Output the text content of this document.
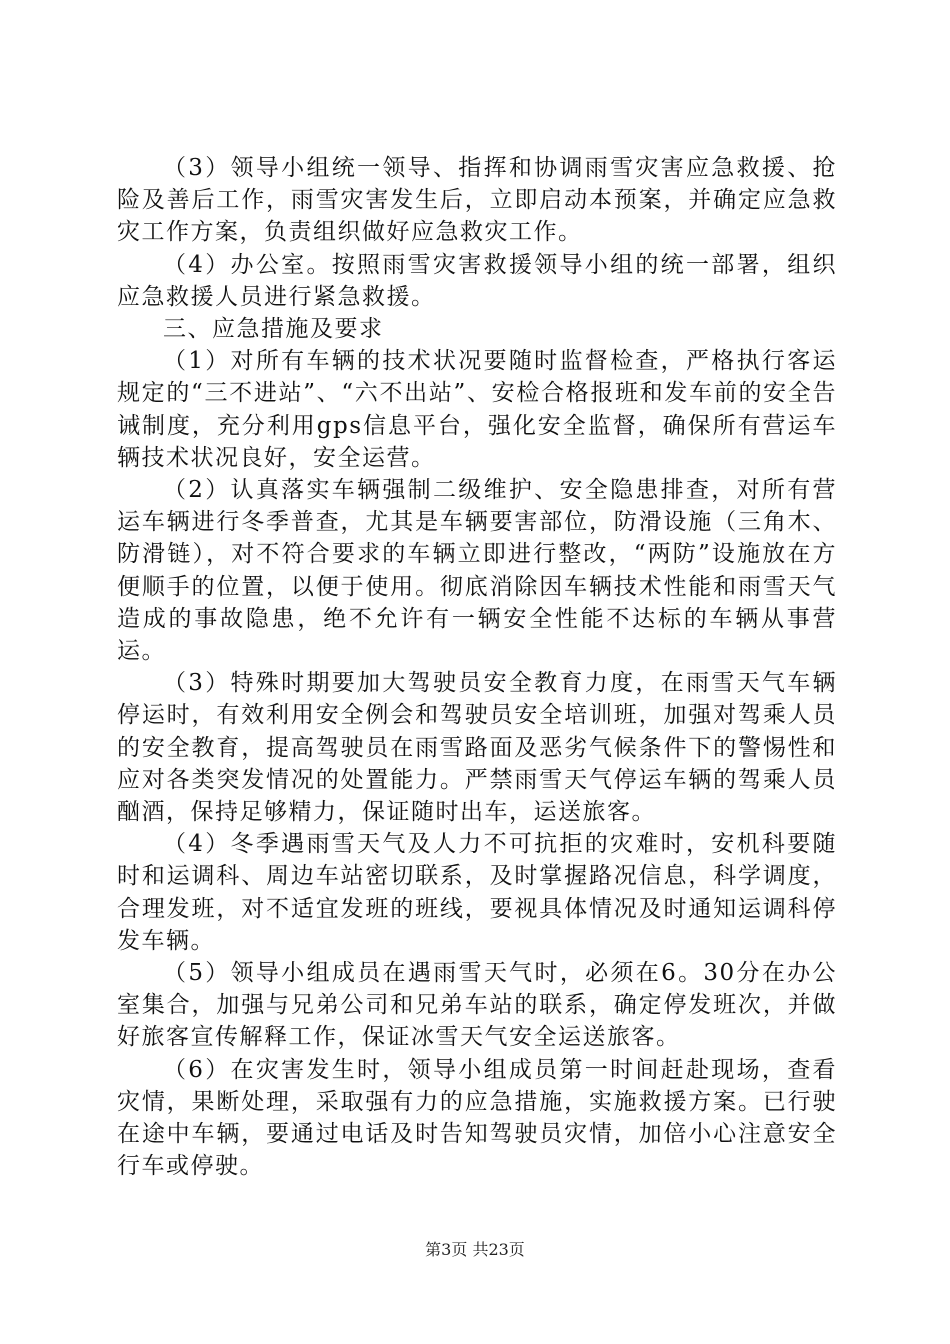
（3）领导小组统一领导、指挥和协调雨雪灾害应急救援、抢险及善后工作，雨雪灾害发生后，立即启动本预案，并确定应急救灾工作方案，负责组织做好应急救灾工作。

（4）办公室。按照雨雪灾害救援领导小组的统一部署，组织应急救援人员进行紧急救援。

三、应急措施及要求

（1）对所有车辆的技术状况要随时监督检查，严格执行客运规定的“三不进站”、“六不出站”、安检合格报班和发车前的安全告诫制度，充分利用gps信息平台，强化安全监督，确保所有营运车辆技术状况良好，安全运营。

（2）认真落实车辆强制二级维护、安全隐患排查，对所有营运车辆进行冬季普查，尤其是车辆要害部位，防滑设施（三角木、防滑链），对不符合要求的车辆立即进行整改，“两防”设施放在方便顺手的位置，以便于使用。彻底消除因车辆技术性能和雨雪天气造成的事故隐患，绝不允许有一辆安全性能不达标的车辆从事营运。

（3）特殊时期要加大驾驶员安全教育力度，在雨雪天气车辆停运时，有效利用安全例会和驾驶员安全培训班，加强对驾乘人员的安全教育，提高驾驶员在雨雪路面及恶劣气候条件下的警惕性和应对各类突发情况的处置能力。严禁雨雪天气停运车辆的驾乘人员酗酒，保持足够精力，保证随时出车，运送旅客。

（4）冬季遇雨雪天气及人力不可抗拒的灾难时，安机科要随时和运调科、周边车站密切联系，及时掌握路况信息，科学调度，合理发班，对不适宜发班的班线，要视具体情况及时通知运调科停发车辆。

（5）领导小组成员在遇雨雪天气时，必须在6。30分在办公室集合，加强与兄弟公司和兄弟车站的联系，确定停发班次，并做好旅客宣传解释工作，保证冰雪天气安全运送旅客。

（6）在灾害发生时，领导小组成员第一时间赶赴现场，查看灾情，果断处理，采取强有力的应急措施，实施救援方案。已行驶在途中车辆，要通过电话及时告知驾驶员灾情，加倍小心注意安全行车或停驶。

第3页 共23页
